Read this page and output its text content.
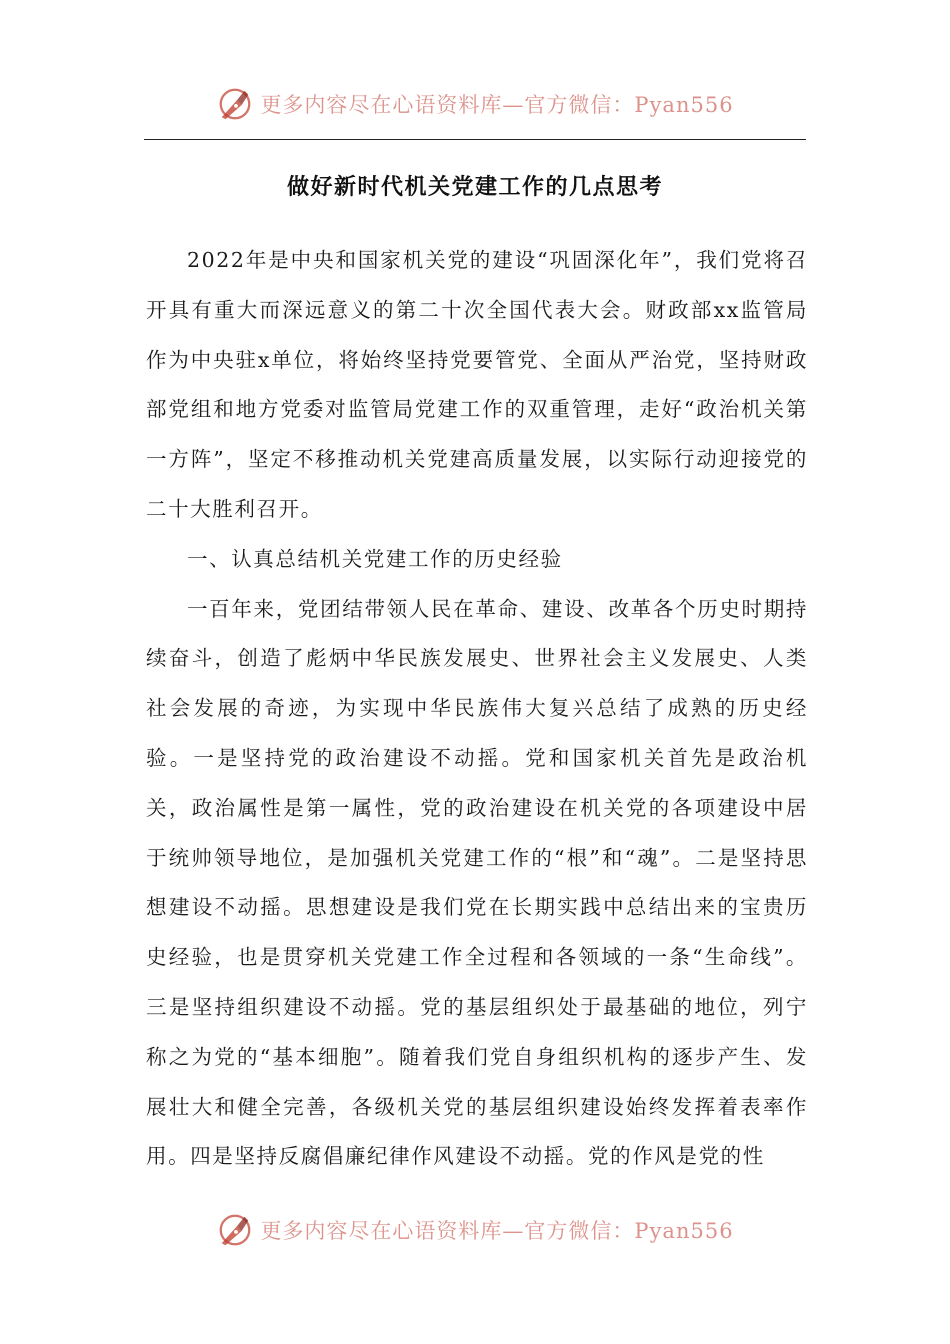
更多内容尽在心语资料库—官方微信：Pyan556
做好新时代机关党建工作的几点思考

2022年是中央和国家机关党的建设“巩固深化年”，我们党将召开具有重大而深远意义的第二十次全国代表大会。财政部xx监管局作为中央驻x单位，将始终坚持党要管党、全面从严治党，坚持财政部党组和地方党委对监管局党建工作的双重管理，走好“政治机关第一方阵”，坚定不移推动机关党建高质量发展，以实际行动迎接党的二十大胜利召开。

一、认真总结机关党建工作的历史经验

一百年来，党团结带领人民在革命、建设、改革各个历史时期持续奋斗，创造了彪炳中华民族发展史、世界社会主义发展史、人类社会发展的奇迹，为实现中华民族伟大复兴总结了成熟的历史经验。一是坚持党的政治建设不动摇。党和国家机关首先是政治机关，政治属性是第一属性，党的政治建设在机关党的各项建设中居于统帅领导地位，是加强机关党建工作的“根”和“魂”。二是坚持思想建设不动摇。思想建设是我们党在长期实践中总结出来的宝贵历史经验，也是贯穿机关党建工作全过程和各领域的一条“生命线”。三是坚持组织建设不动摇。党的基层组织处于最基础的地位，列宁称之为党的“基本细胞”。随着我们党自身组织机构的逐步产生、发展壮大和健全完善，各级机关党的基层组织建设始终发挥着表率作用。四是坚持反腐倡廉纪律作风建设不动摇。党的作风是党的性

更多内容尽在心语资料库—官方微信：Pyan556
